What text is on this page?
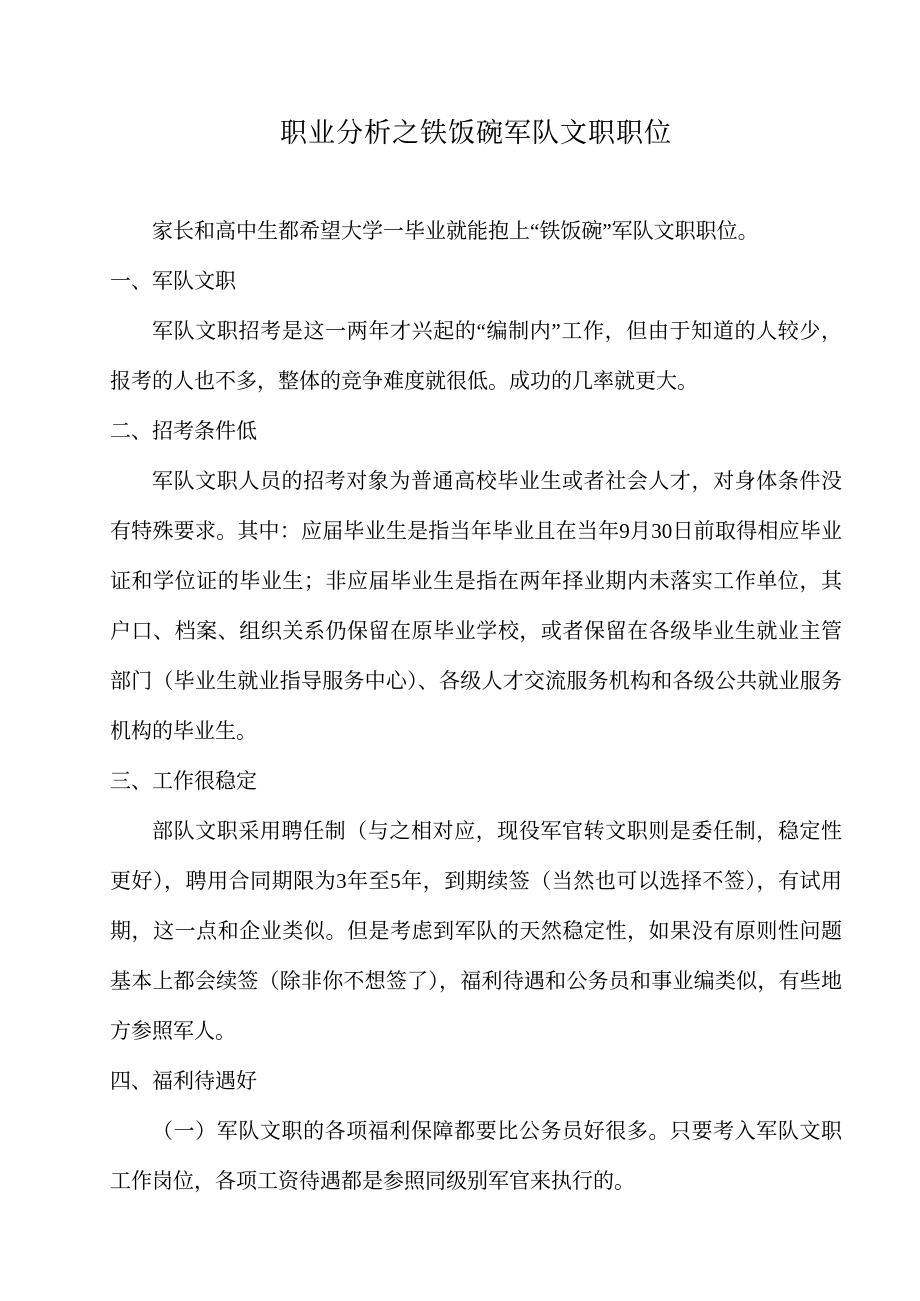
职业分析之铁饭碗军队文职职位

家长和高中生都希望大学一毕业就能抱上“铁饭碗”军队文职职位。

一、军队文职

军队文职招考是这一两年才兴起的“编制内”工作，但由于知道的人较少，报考的人也不多，整体的竞争难度就很低。成功的几率就更大。

二、招考条件低

军队文职人员的招考对象为普通高校毕业生或者社会人才，对身体条件没有特殊要求。其中：应届毕业生是指当年毕业且在当年9月30日前取得相应毕业证和学位证的毕业生；非应届毕业生是指在两年择业期内未落实工作单位，其户口、档案、组织关系仍保留在原毕业学校，或者保留在各级毕业生就业主管部门（毕业生就业指导服务中心）、各级人才交流服务机构和各级公共就业服务机构的毕业生。

三、工作很稳定

部队文职采用聘任制（与之相对应，现役军官转文职则是委任制，稳定性更好），聘用合同期限为3年至5年，到期续签（当然也可以选择不签），有试用期，这一点和企业类似。但是考虑到军队的天然稳定性，如果没有原则性问题基本上都会续签（除非你不想签了），福利待遇和公务员和事业编类似，有些地方参照军人。

四、福利待遇好

（一）军队文职的各项福利保障都要比公务员好很多。只要考入军队文职工作岗位，各项工资待遇都是参照同级别军官来执行的。
